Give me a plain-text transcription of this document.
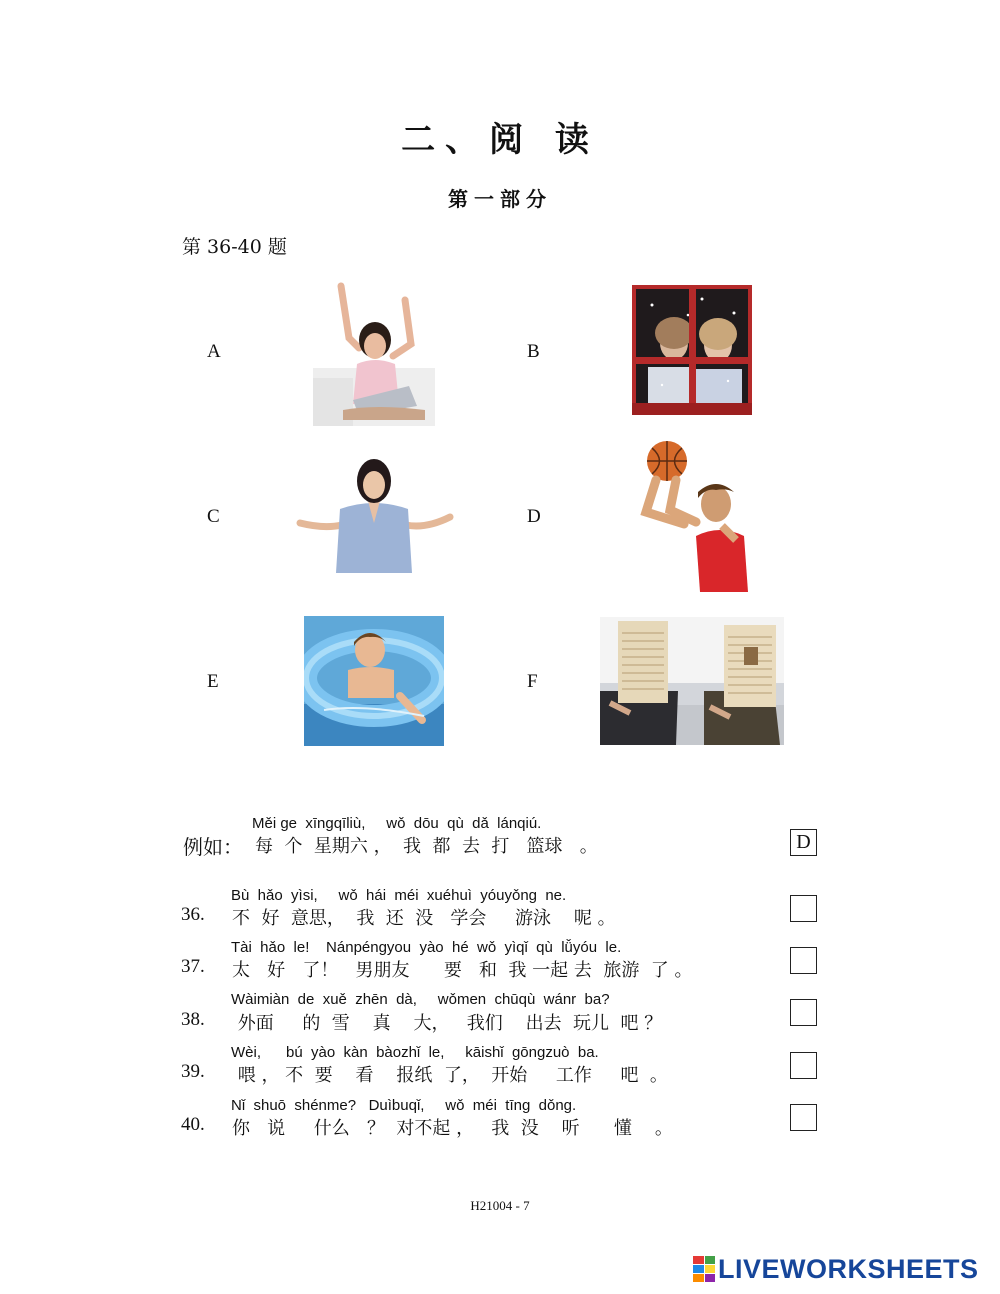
二、阅 读
第一部分
第 36-40 题
A	B
C	D
E	F
Měi ge  xīngqīliù,     wǒ  dōu  qù  dǎ  lánqiú.
例如： 每  个  星期六 ，  我  都  去  打   篮球   。	D
Bù  hǎo  yìsi,     wǒ  hái  méi  xuéhuì  yóuyǒng  ne.
36. 不  好  意思，  我  还  没   学会     游泳    呢 。
Tài  hǎo  le!    Nánpéngyou  yào  hé  wǒ  yìqǐ  qù  lǚyóu  le.
37. 太   好   了！   男朋友      要   和  我 一起 去  旅游  了 。
Wàimiàn  de  xuě  zhēn  dà,     wǒmen  chūqù  wánr  ba?
38. 外面     的  雪    真    大，   我们    出去  玩儿  吧 ？
Wèi,      bú  yào  kàn  bàozhǐ  le,     kāishǐ  gōngzuò  ba.
39. 喂 ， 不  要    看    报纸  了，  开始     工作     吧  。
Nǐ  shuō  shénme?   Duìbuqǐ,     wǒ  méi  tīng  dǒng.
40. 你   说     什么   ？  对不起 ，   我  没    听      懂    。
H21004 - 7
LIVEWORKSHEETS
